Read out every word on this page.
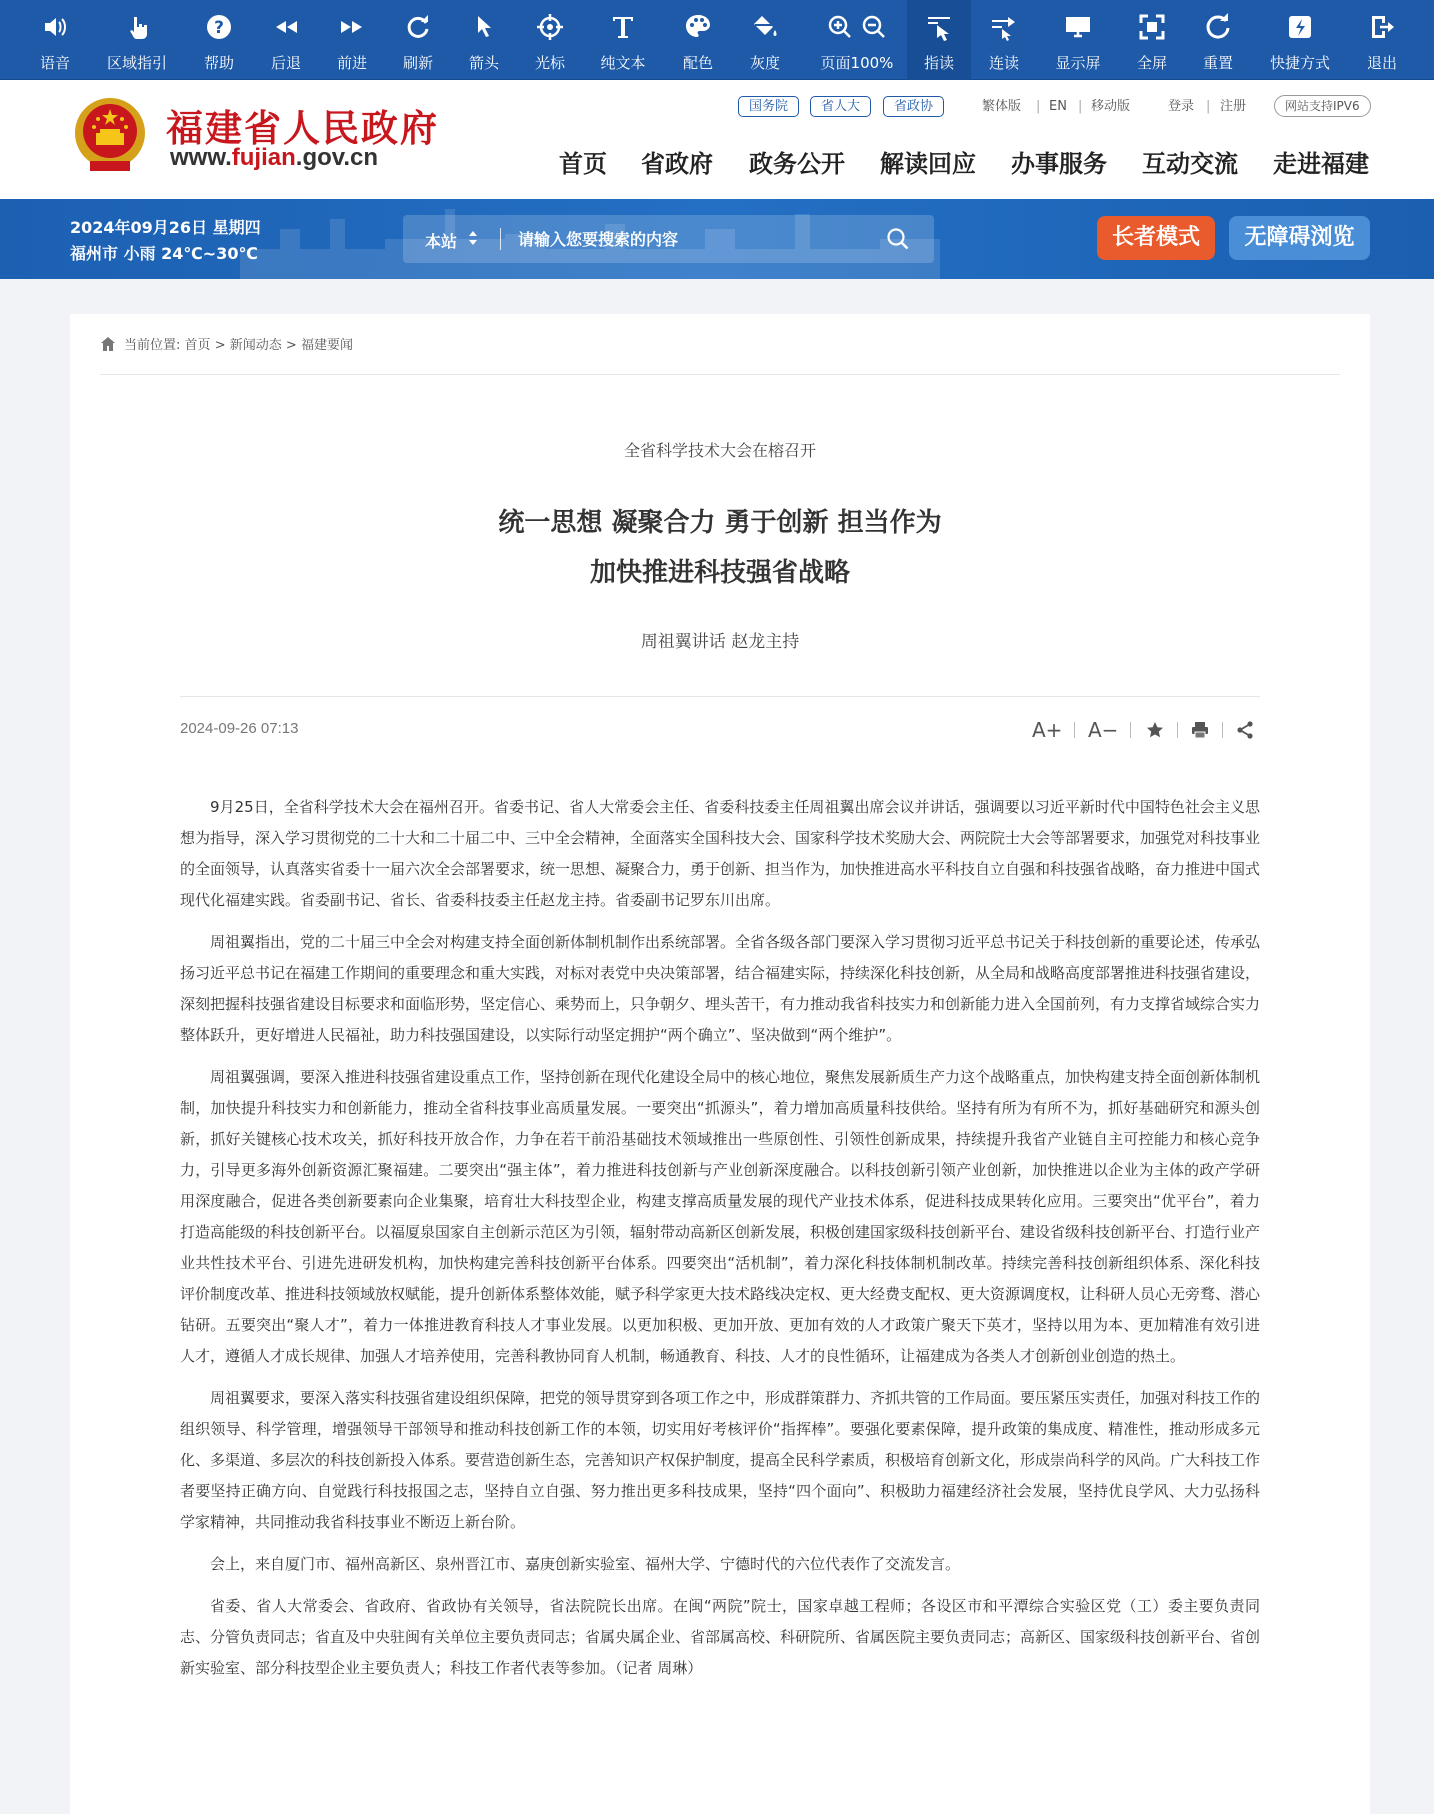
语音	区域指引
?
帮助	后退	前进	刷新	箭头	光标	纯文本	配色	灰度	页面100%	指读	连读	显示屏	全屏	重置	快捷方式	退出
福建省人民政府
www.fujian.gov.cn
国务院	省人大	省政协	繁体版 | EN | 移动版	登录 | 注册	网站支持IPV6
首页 省政府 政务公开 解读回应 办事服务 互动交流 走进福建
2024年09月26日 星期四
福州市 小雨 24℃~30℃
本站
请输入您要搜索的内容	长者模式	无障碍浏览
当前位置: 首页 > 新闻动态 > 福建要闻
全省科学技术大会在榕召开
统一思想 凝聚合力 勇于创新 担当作为
加快推进科技强省战略
周祖翼讲话 赵龙主持
2024-09-26 07:13	A+ A−

9月25日，全省科学技术大会在福州召开。省委书记、省人大常委会主任、省委科技委主任周祖翼出席会议并讲话，强调要以习近平新时代中国特色社会主义思想为指导，深入学习贯彻党的二十大和二十届二中、三中全会精神，全面落实全国科技大会、国家科学技术奖励大会、两院院士大会等部署要求，加强党对科技事业的全面领导，认真落实省委十一届六次全会部署要求，统一思想、凝聚合力，勇于创新、担当作为，加快推进高水平科技自立自强和科技强省战略，奋力推进中国式现代化福建实践。省委副书记、省长、省委科技委主任赵龙主持。省委副书记罗东川出席。

周祖翼指出，党的二十届三中全会对构建支持全面创新体制机制作出系统部署。全省各级各部门要深入学习贯彻习近平总书记关于科技创新的重要论述，传承弘扬习近平总书记在福建工作期间的重要理念和重大实践，对标对表党中央决策部署，结合福建实际，持续深化科技创新，从全局和战略高度部署推进科技强省建设，深刻把握科技强省建设目标要求和面临形势，坚定信心、乘势而上，只争朝夕、埋头苦干，有力推动我省科技实力和创新能力进入全国前列，有力支撑省域综合实力整体跃升，更好增进人民福祉，助力科技强国建设，以实际行动坚定拥护“两个确立”、坚决做到“两个维护”。

周祖翼强调，要深入推进科技强省建设重点工作，坚持创新在现代化建设全局中的核心地位，聚焦发展新质生产力这个战略重点，加快构建支持全面创新体制机制，加快提升科技实力和创新能力，推动全省科技事业高质量发展。一要突出“抓源头”，着力增加高质量科技供给。坚持有所为有所不为，抓好基础研究和源头创新，抓好关键核心技术攻关，抓好科技开放合作，力争在若干前沿基础技术领域推出一些原创性、引领性创新成果，持续提升我省产业链自主可控能力和核心竞争力，引导更多海外创新资源汇聚福建。二要突出“强主体”，着力推进科技创新与产业创新深度融合。以科技创新引领产业创新，加快推进以企业为主体的政产学研用深度融合，促进各类创新要素向企业集聚，培育壮大科技型企业，构建支撑高质量发展的现代产业技术体系，促进科技成果转化应用。三要突出“优平台”，着力打造高能级的科技创新平台。以福厦泉国家自主创新示范区为引领，辐射带动高新区创新发展，积极创建国家级科技创新平台、建设省级科技创新平台、打造行业产业共性技术平台、引进先进研发机构，加快构建完善科技创新平台体系。四要突出“活机制”，着力深化科技体制机制改革。持续完善科技创新组织体系、深化科技评价制度改革、推进科技领域放权赋能，提升创新体系整体效能，赋予科学家更大技术路线决定权、更大经费支配权、更大资源调度权，让科研人员心无旁骛、潜心钻研。五要突出“聚人才”，着力一体推进教育科技人才事业发展。以更加积极、更加开放、更加有效的人才政策广聚天下英才，坚持以用为本、更加精准有效引进人才，遵循人才成长规律、加强人才培养使用，完善科教协同育人机制，畅通教育、科技、人才的良性循环，让福建成为各类人才创新创业创造的热土。

周祖翼要求，要深入落实科技强省建设组织保障，把党的领导贯穿到各项工作之中，形成群策群力、齐抓共管的工作局面。要压紧压实责任，加强对科技工作的组织领导、科学管理，增强领导干部领导和推动科技创新工作的本领，切实用好考核评价“指挥棒”。要强化要素保障，提升政策的集成度、精准性，推动形成多元化、多渠道、多层次的科技创新投入体系。要营造创新生态，完善知识产权保护制度，提高全民科学素质，积极培育创新文化，形成崇尚科学的风尚。广大科技工作者要坚持正确方向、自觉践行科技报国之志，坚持自立自强、努力推出更多科技成果，坚持“四个面向”、积极助力福建经济社会发展，坚持优良学风、大力弘扬科学家精神，共同推动我省科技事业不断迈上新台阶。

会上，来自厦门市、福州高新区、泉州晋江市、嘉庚创新实验室、福州大学、宁德时代的六位代表作了交流发言。

省委、省人大常委会、省政府、省政协有关领导，省法院院长出席。在闽“两院”院士，国家卓越工程师；各设区市和平潭综合实验区党（工）委主要负责同志、分管负责同志；省直及中央驻闽有关单位主要负责同志；省属央属企业、省部属高校、科研院所、省属医院主要负责同志；高新区、国家级科技创新平台、省创新实验室、部分科技型企业主要负责人；科技工作者代表等参加。（记者 周琳）
